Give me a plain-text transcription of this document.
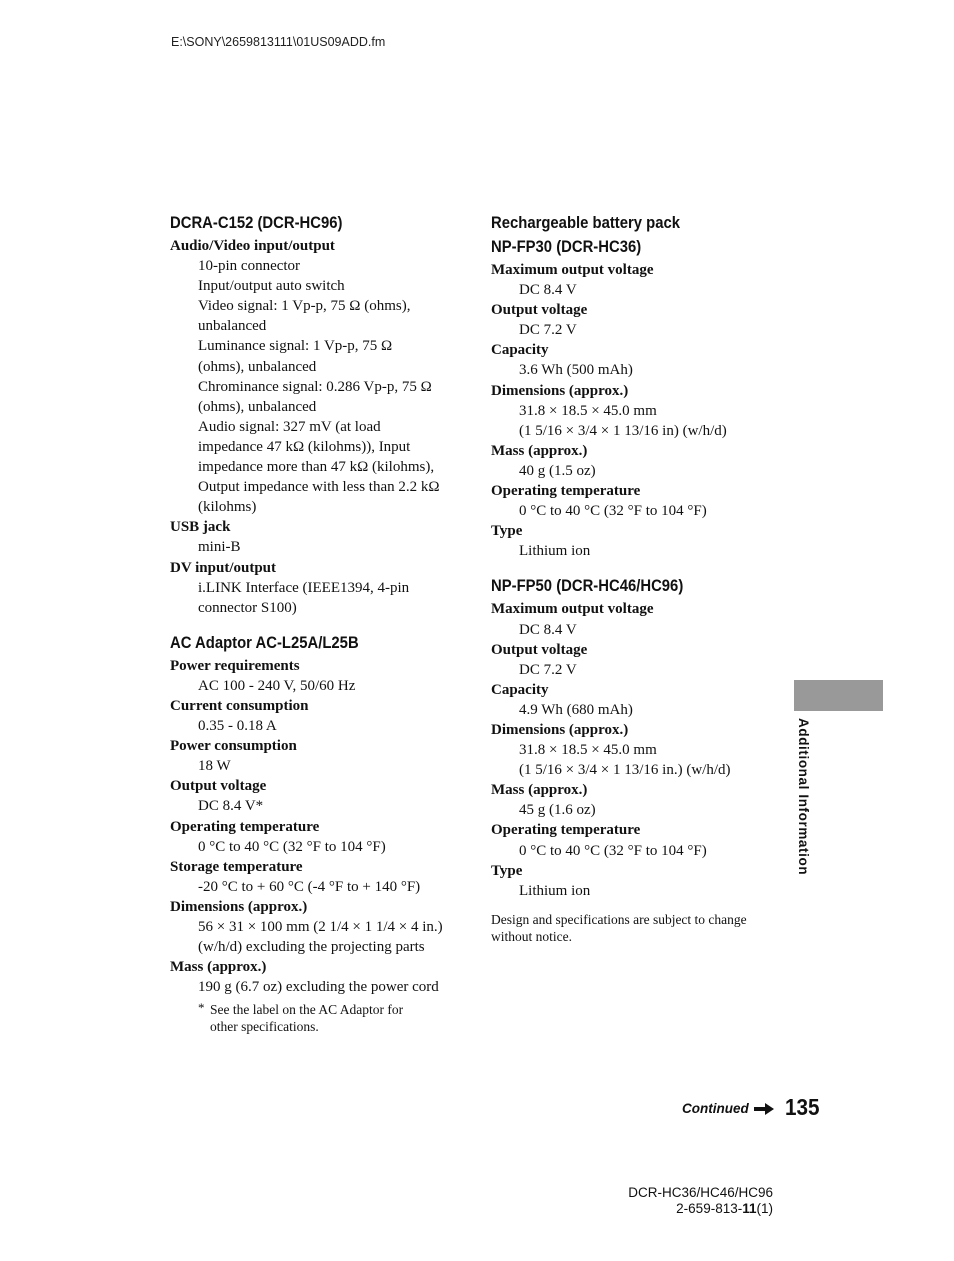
E:\SONY\2659813111\01US09ADD.fm
DCRA-C152 (DCR-HC96)
Audio/Video input/output
10-pin connector
Input/output auto switch
Video signal: 1 Vp-p, 75 Ω (ohms),
unbalanced
Luminance signal: 1 Vp-p, 75 Ω
(ohms), unbalanced
Chrominance signal: 0.286 Vp-p, 75 Ω
(ohms), unbalanced
Audio signal: 327 mV (at load
impedance 47 kΩ (kilohms)), Input
impedance more than 47 kΩ (kilohms),
Output impedance with less than 2.2 kΩ
(kilohms)
USB jack
mini-B
DV input/output
i.LINK Interface (IEEE1394, 4-pin
connector S100)
AC Adaptor AC-L25A/L25B
Power requirements
AC 100 - 240 V, 50/60 Hz
Current consumption
0.35 - 0.18 A
Power consumption
18 W
Output voltage
DC 8.4 V*
Operating temperature
0 °C to 40 °C (32 °F to 104 °F)
Storage temperature
-20 °C to + 60 °C (-4 °F to + 140 °F)
Dimensions (approx.)
56 × 31 × 100 mm (2 1/4 × 1 1/4 × 4 in.)
(w/h/d) excluding the projecting parts
Mass (approx.)
190 g (6.7 oz) excluding the power cord
* See the label on the AC Adaptor for
other specifications.
Rechargeable battery pack
NP-FP30 (DCR-HC36)
Maximum output voltage
DC 8.4 V
Output voltage
DC 7.2 V
Capacity
3.6 Wh (500 mAh)
Dimensions (approx.)
31.8 × 18.5 × 45.0 mm
(1 5/16 × 3/4 × 1 13/16 in) (w/h/d)
Mass (approx.)
40 g (1.5 oz)
Operating temperature
0 °C to 40 °C (32 °F to 104 °F)
Type
Lithium ion
NP-FP50 (DCR-HC46/HC96)
Maximum output voltage
DC 8.4 V
Output voltage
DC 7.2 V
Capacity
4.9 Wh (680 mAh)
Dimensions (approx.)
31.8 × 18.5 × 45.0 mm
(1 5/16 × 3/4 × 1 13/16 in.) (w/h/d)
Mass (approx.)
45 g (1.6 oz)
Operating temperature
0 °C to 40 °C (32 °F to 104 °F)
Type
Lithium ion
Design and specifications are subject to change
without notice.
Additional Information
Continued 135
DCR-HC36/HC46/HC96
2-659-813-11(1)
